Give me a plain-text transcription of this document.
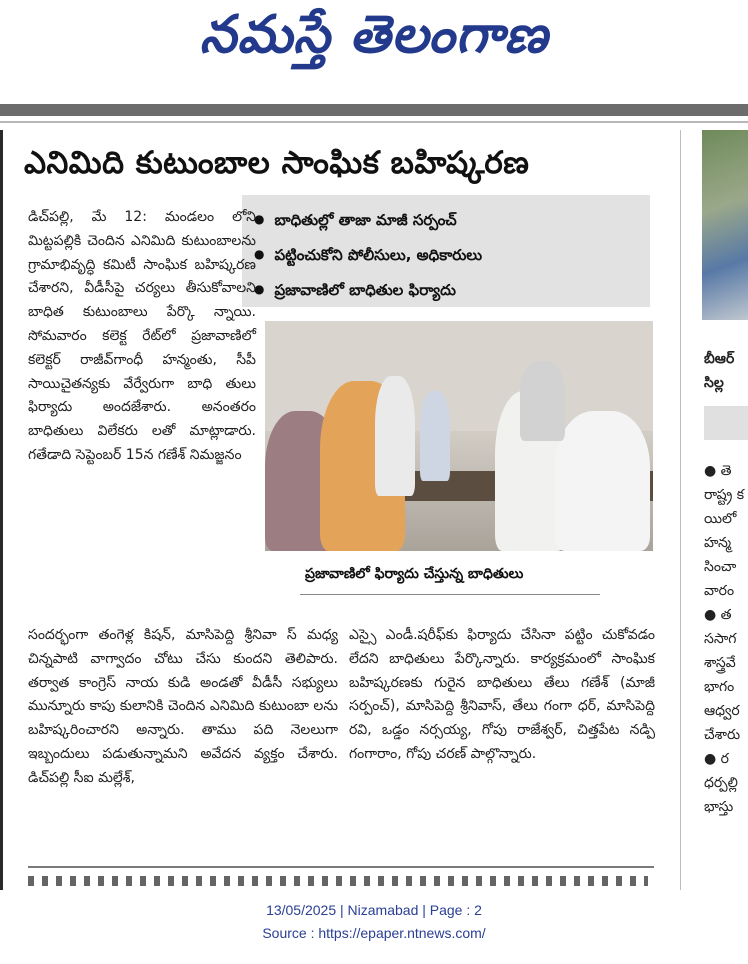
నమస్తే తెలంగాణ
ఎనిమిది కుటుంబాల సాంఘిక బహిష్కరణ
● బాధితుల్లో తాజా మాజీ సర్పంచ్
● పట్టించుకోని పోలీసులు, అధికారులు
● ప్రజావాణిలో బాధితుల ఫిర్యాదు
డిచ్‌పల్లి, మే 12: మండలం లోని మిట్టపల్లికి చెందిన ఎనిమిది కుటుంబాలను గ్రామాభివృద్ధి కమిటీ సాంఘిక బహిష్కరణ చేశారని, వీడీసీపై చర్యలు తీసుకోవాలని బాధిత కుటుంబాలు పేర్కొ న్నాయి. సోమవారం కలెక్ట రేట్‌లో ప్రజావాణిలో కలెక్టర్ రాజీవ్‌గాంధీ హన్మంతు, సీపీ సాయిచైతన్యకు వేర్వేరుగా బాధి తులు ఫిర్యాదు అందజేశారు. అనంతరం బాధితులు విలేకరు లతో మాట్లాడారు. గతేడాది సెప్టెంబర్ 15న గణేశ్ నిమజ్జనం
ప్రజావాణిలో ఫిర్యాదు చేస్తున్న బాధితులు
సందర్భంగా తంగెళ్ల కిషన్, మాసిపెద్ది శ్రీనివా స్ మధ్య చిన్నపాటి వాగ్వాదం చోటు చేసు కుందని తెలిపారు. తర్వాత కాంగ్రెస్ నాయ కుడి అండతో వీడీసీ సభ్యులు మున్నూరు కాపు కులానికి చెందిన ఎనిమిది కుటుంబా లను బహిష్కరించారని అన్నారు. తాము పది నెలలుగా ఇబ్బందులు పడుతున్నామని అవేదన వ్యక్తం చేశారు. డిచ్‌పల్లి సీఐ మల్లేశ్,
ఎస్సై ఎండీ.షరీఫ్‌కు ఫిర్యాదు చేసినా పట్టిం చుకోవడం లేదని బాధితులు పేర్కొన్నారు. కార్యక్రమంలో సాంఘిక బహిష్కరణకు గురైన బాధితులు తేలు గణేశ్ (మాజీ సర్పంచ్), మాసిపెద్ది శ్రీనివాస్, తేలు గంగా ధర్, మాసిపెద్ది రవి, ఒడ్డం నర్సయ్య, గోపు రాజేశ్వర్, చిత్తపేట నడ్పి గంగారాం, గోపు చరణ్ పాల్గొన్నారు.
బీఆర్
సిల్ల
● తె
రాష్ట్ర క
యిలో
హన్మ
సించా
వారం
● త
ససాగ
శాస్త్రవే
భాగం
ఆధ్వర
చేశారు
● ర
ధర్పల్లి
భాస్తు
13/05/2025 | Nizamabad | Page : 2
Source : https://epaper.ntnews.com/
